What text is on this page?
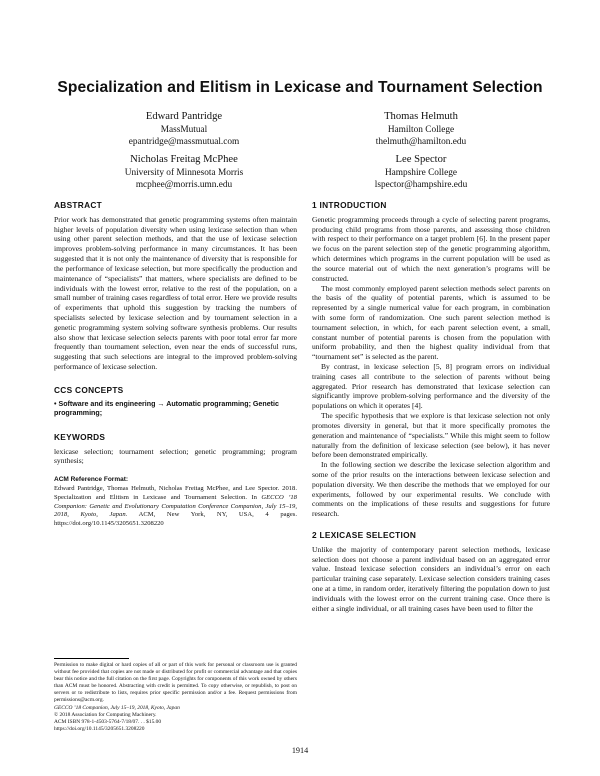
Specialization and Elitism in Lexicase and Tournament Selection
Edward Pantridge
MassMutual
epantridge@massmutual.com
Thomas Helmuth
Hamilton College
thelmuth@hamilton.edu
Nicholas Freitag McPhee
University of Minnesota Morris
mcphee@morris.umn.edu
Lee Spector
Hampshire College
lspector@hampshire.edu
ABSTRACT

Prior work has demonstrated that genetic programming systems often maintain higher levels of population diversity when using lexicase selection than when using other parent selection methods, and that the use of lexicase selection improves problem-solving performance in many circumstances. It has been suggested that it is not only the maintenance of diversity that is responsible for the performance of lexicase selection, but more specifically the production and maintenance of “specialists” that matters, where specialists are defined to be individuals with the lowest error, relative to the rest of the population, on a small number of training cases regardless of total error. Here we provide results of experiments that uphold this suggestion by tracking the numbers of specialists selected by lexicase selection and by tournament selection in a genetic programming system solving software synthesis problems. Our results also show that lexicase selection selects parents with poor total error far more frequently than tournament selection, even near the ends of successful runs, suggesting that such selections are integral to the improved problem-solving performance of lexicase selection.

CCS CONCEPTS
• Software and its engineering → Automatic programming; Genetic programming;
KEYWORDS

lexicase selection; tournament selection; genetic programming; program synthesis;

ACM Reference Format:
Edward Pantridge, Thomas Helmuth, Nicholas Freitag McPhee, and Lee Spector. 2018. Specialization and Elitism in Lexicase and Tournament Selection. In GECCO ’18 Companion: Genetic and Evolutionary Computation Conference Companion, July 15–19, 2018, Kyoto, Japan. ACM, New York, NY, USA, 4 pages. https://doi.org/10.1145/3205651.3208220

Permission to make digital or hard copies of all or part of this work for personal or classroom use is granted without fee provided that copies are not made or distributed for profit or commercial advantage and that copies bear this notice and the full citation on the first page. Copyrights for components of this work owned by others than ACM must be honored. Abstracting with credit is permitted. To copy otherwise, or republish, to post on servers or to redistribute to lists, requires prior specific permission and/or a fee. Request permissions from permissions@acm.org.

GECCO ’18 Companion, July 15–19, 2018, Kyoto, Japan

© 2018 Association for Computing Machinery.

ACM ISBN 978-1-4503-5764-7/18/07. . . $15.00

https://doi.org/10.1145/3205651.3208220

1 INTRODUCTION

Genetic programming proceeds through a cycle of selecting parent programs, producing child programs from those parents, and assessing those children with respect to their performance on a target problem [6]. In the present paper we focus on the parent selection step of the genetic programming algorithm, which determines which programs in the current population will be used as the source material out of which the next generation’s programs will be constructed.

The most commonly employed parent selection methods select parents on the basis of the quality of potential parents, which is assumed to be represented by a single numerical value for each program, in combination with some form of randomization. One such parent selection method is tournament selection, in which, for each parent selection event, a small, constant number of potential parents is chosen from the population with uniform probability, and then the highest quality individual from that “tournament set” is selected as the parent.

By contrast, in lexicase selection [5, 8] program errors on individual training cases all contribute to the selection of parents without being aggregated. Prior research has demonstrated that lexicase selection can significantly improve problem-solving performance and the diversity of the populations on which it operates [4].

The specific hypothesis that we explore is that lexicase selection not only promotes diversity in general, but that it more specifically promotes the generation and maintenance of “specialists.” While this might seem to follow naturally from the definition of lexicase selection (see below), it has never before been demonstrated empirically.

In the following section we describe the lexicase selection algorithm and some of the prior results on the interactions between lexicase selection and population diversity. We then describe the methods that we employed for our experiments, followed by our experimental results. We conclude with comments on the implications of these results and suggestions for future research.

2 LEXICASE SELECTION

Unlike the majority of contemporary parent selection methods, lexicase selection does not choose a parent individual based on an aggregated error value. Instead lexicase selection considers an individual’s error on each particular training case separately. Lexicase selection considers training cases one at a time, in random order, iteratively filtering the population down to just individuals with the lowest error on the current training case. Once there is either a single individual, or all training cases have been used to filter the

1914
